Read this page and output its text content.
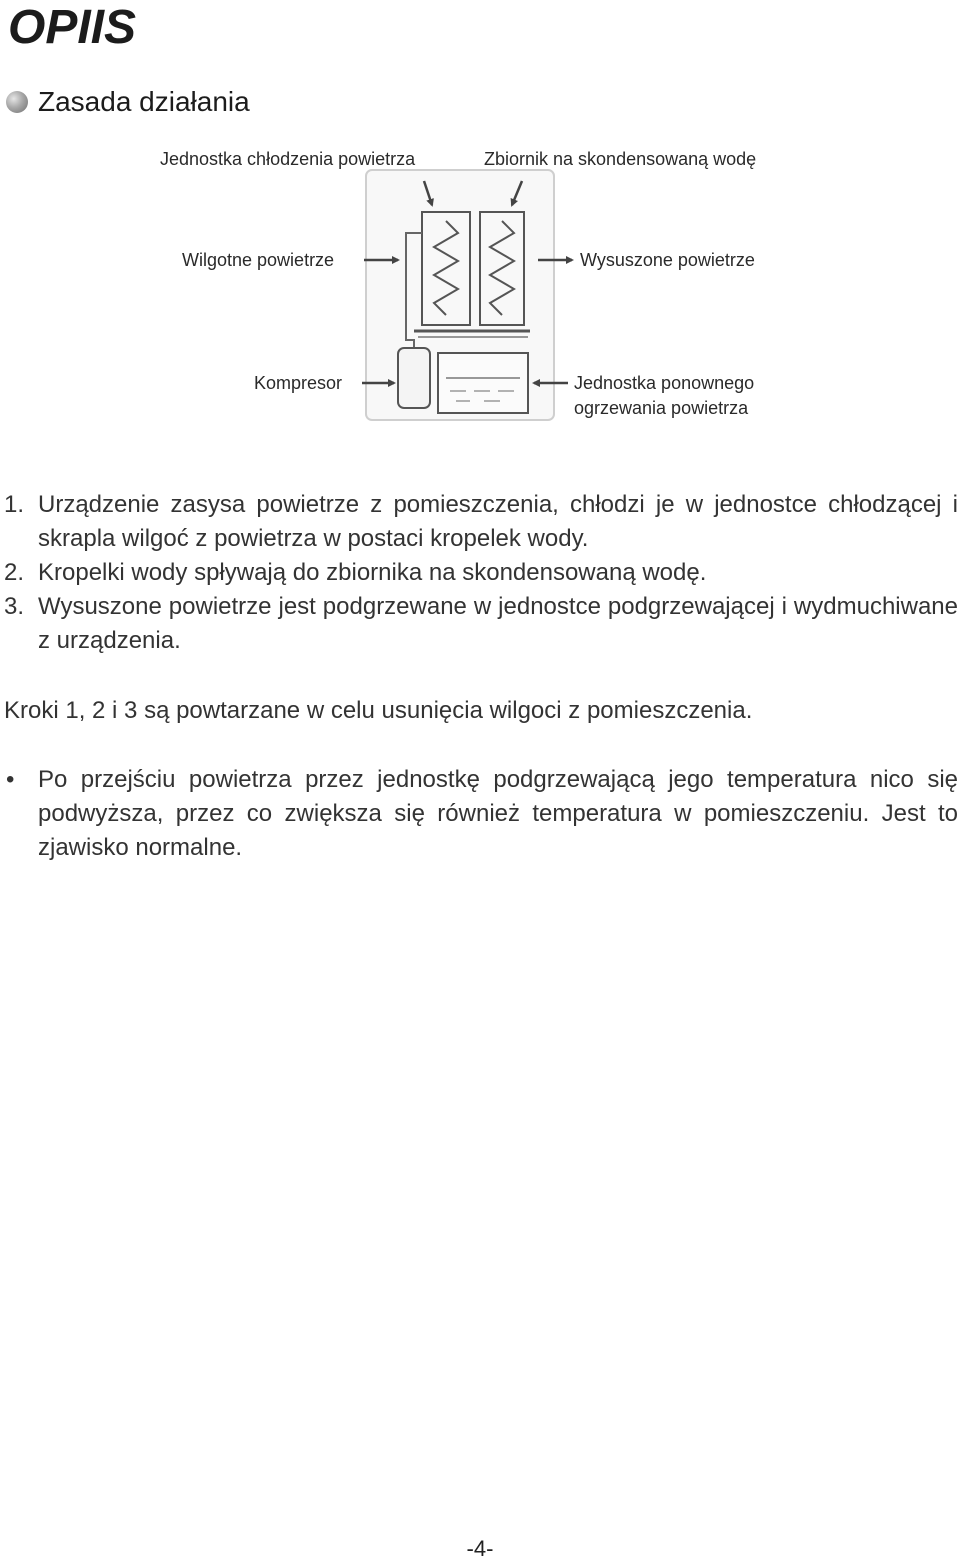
OPIIS
Zasada działania
Jednostka chłodzenia powietrza	Zbiornik na skondensowaną wodę
Wilgotne powietrze	Wysuszone powietrze
Kompresor	Jednostka ponownego
ogrzewania powietrza
1. Urządzenie zasysa powietrze z pomieszczenia, chłodzi je w jednostce chłodzącej i skrapla wilgoć z powietrza w postaci kropelek wody.
2. Kropelki wody spływają do zbiornika na skondensowaną wodę.
3. Wysuszone powietrze jest podgrzewane w jednostce podgrzewającej i wydmuchiwane z urządzenia.
Kroki 1, 2 i 3 są powtarzane w celu usunięcia wilgoci z pomieszczenia.
• Po przejściu powietrza przez jednostkę podgrzewającą jego temperatura nico się podwyższa, przez co zwiększa się również temperatura w pomieszczeniu. Jest to zjawisko normalne.
-4-
